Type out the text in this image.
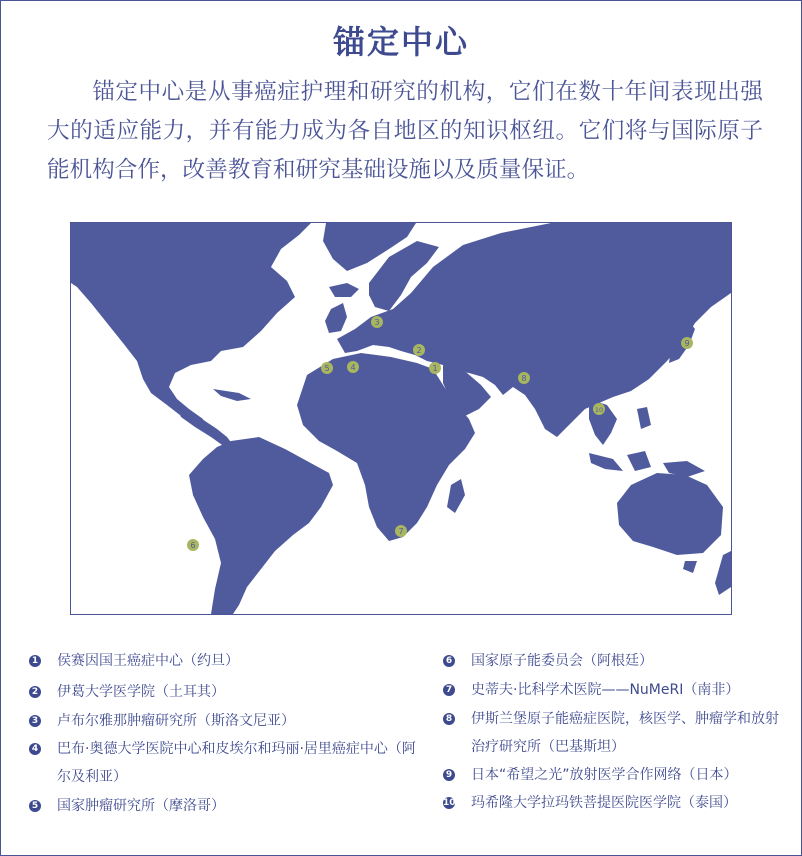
锚定中心

锚定中心是从事癌症护理和研究的机构，它们在数十年间表现出强大的适应能力，并有能力成为各自地区的知识枢纽。它们将与国际原子能机构合作，改善教育和研究基础设施以及质量保证。

1
2
3
4
5
6
7
8
9
10
1 侯赛因国王癌症中心（约旦）
2 伊葛大学医学院（土耳其）
3 卢布尔雅那肿瘤研究所（斯洛文尼亚）
4 巴布·奥德大学医院中心和皮埃尔和玛丽·居里癌症中心（阿尔及利亚）
5 国家肿瘤研究所（摩洛哥）
6 国家原子能委员会（阿根廷）
7 史蒂夫·比科学术医院——NuMeRI（南非）
8 伊斯兰堡原子能癌症医院，核医学、肿瘤学和放射治疗研究所（巴基斯坦）
9 日本“希望之光”放射医学合作网络（日本）
10 玛希隆大学拉玛铁菩提医院医学院（泰国）
